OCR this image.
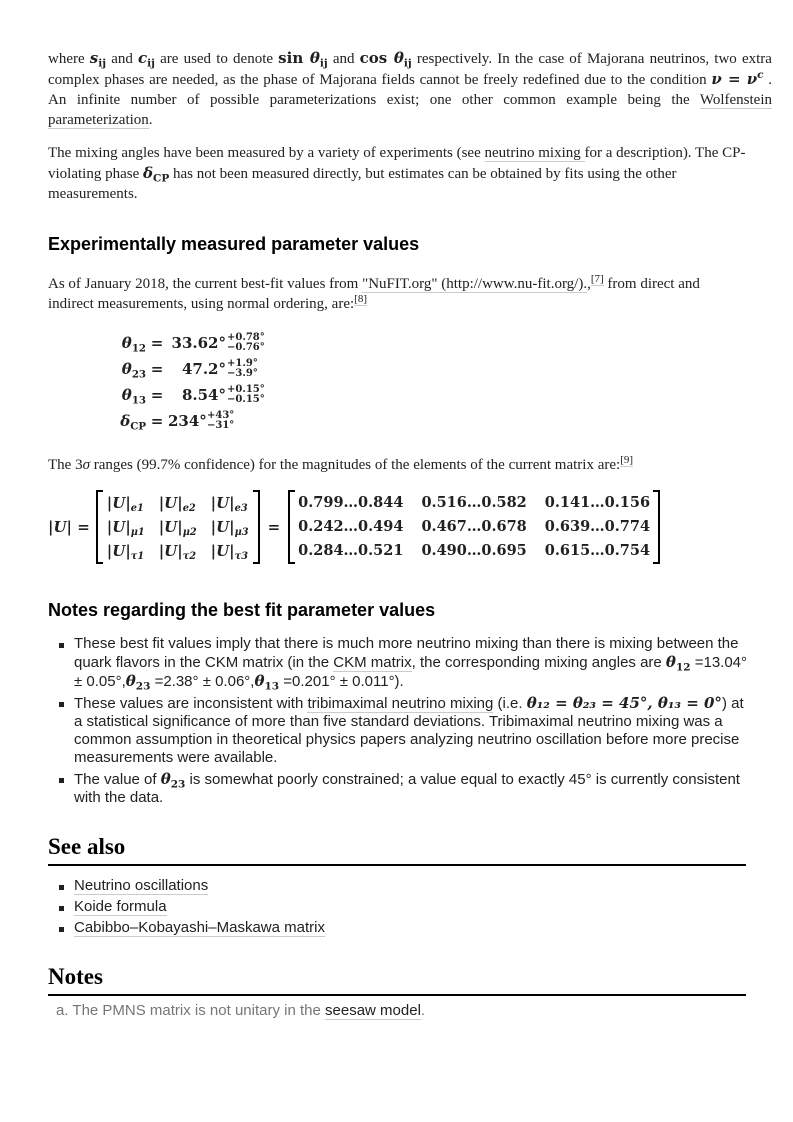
where $s_{ij}$ and $c_{ij}$ are used to denote $\sin \theta_{ij}$ and $\cos \theta_{ij}$ respectively. In the case of Majorana neutrinos, two extra complex phases are needed, as the phase of Majorana fields cannot be freely redefined due to the condition $\nu = \nu^c$ . An infinite number of possible parameterizations exist; one other common example being the Wolfenstein parameterization.

The mixing angles have been measured by a variety of experiments (see neutrino mixing for a description). The CP-violating phase $\delta_{CP}$ has not been measured directly, but estimates can be obtained by fits using the other measurements.

Experimentally measured parameter values

As of January 2018, the current best-fit values from "NuFIT.org" (http://www.nu-fit.org/).,[7] from direct and indirect measurements, using normal ordering, are:[8]

$\theta_{12} = 33.62^\circ +0.78^\circ$
−0.76°
$\theta_{23}$ =	47.2° +1.9°
−3.9°
$\theta_{13}$ =	8.54° +0.15°
−0.15°
$\delta_{CP} = 234^\circ +43^\circ$
−31°

The 3σ ranges (99.7% confidence) for the magnitudes of the elements of the current matrix are:[9]

|U| =
$|U|_{e1}$ $|U|_{e2}$ $|U|_{e3}$
$|U|_{\mu 1}$ $|U|_{\mu 2}$ $|U|_{\mu 3}$
$|U|_{\tau 1}$ $|U|_{\tau 2}$ $|U|_{\tau 3}$
=
0.799…0.844 0.516…0.582 0.141…0.156
0.242…0.494 0.467…0.678 0.639…0.774
0.284…0.521 0.490…0.695 0.615…0.754
Notes regarding the best fit parameter values
These best fit values imply that there is much more neutrino mixing than there is mixing between the quark flavors in the CKM matrix (in the CKM matrix, the corresponding mixing angles are $\theta_{12} =13.04^\circ \pm 0.05^\circ,\theta_{23} =2.38^\circ \pm 0.06^\circ,\theta_{13} =0.201^\circ \pm 0.011^\circ$).
These values are inconsistent with tribimaximal neutrino mixing (i.e. θ₁₂ = θ₂₃ = 45°, θ₁₃ = 0°) at a statistical significance of more than five standard deviations. Tribimaximal neutrino mixing was a common assumption in theoretical physics papers analyzing neutrino oscillation before more precise measurements were available.
The value of $\theta_{23}$ is somewhat poorly constrained; a value equal to exactly 45° is currently consistent with the data.
See also
Neutrino oscillations
Koide formula
Cabibbo–Kobayashi–Maskawa matrix
Notes

a. The PMNS matrix is not unitary in the seesaw model.
